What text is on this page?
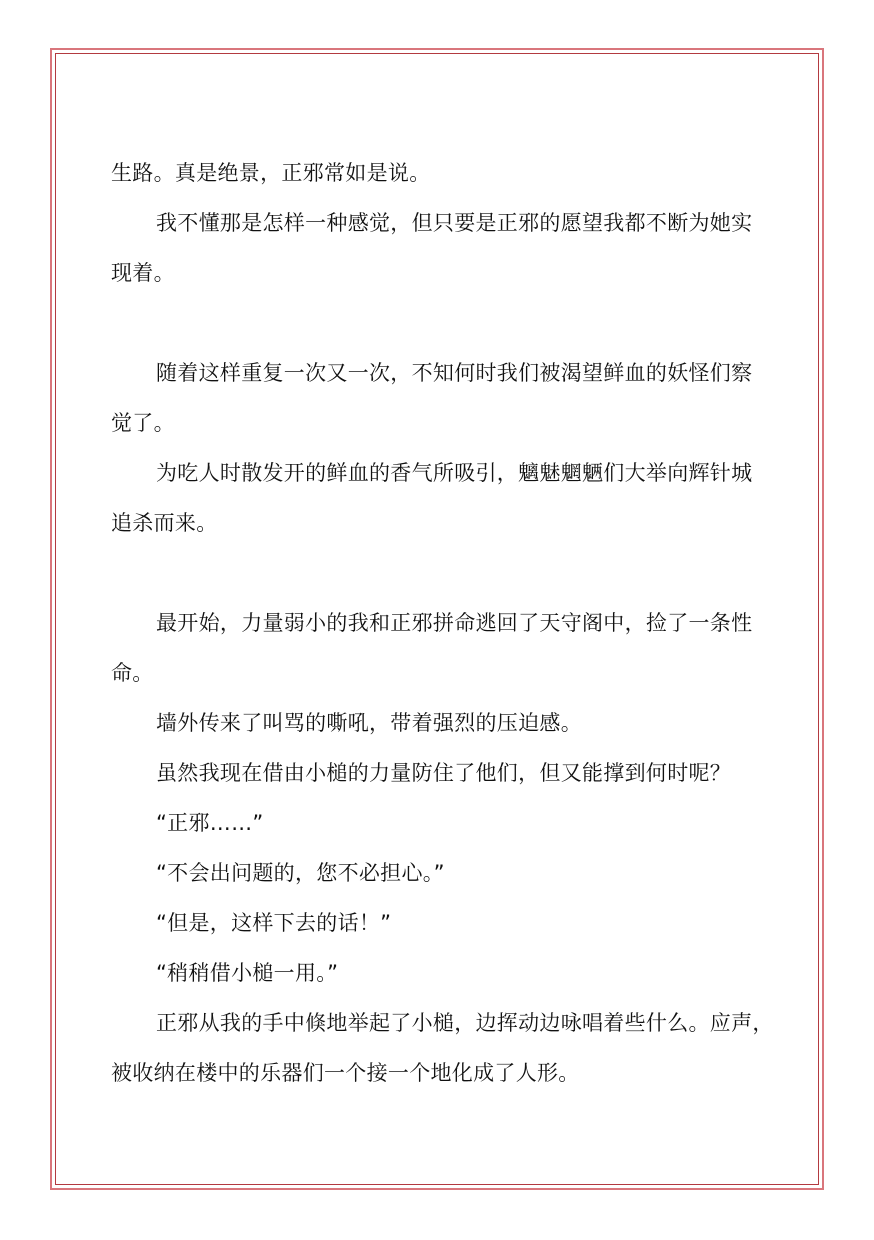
生路。真是绝景，正邪常如是说。

我不懂那是怎样一种感觉，但只要是正邪的愿望我都不断为她实

现着。

随着这样重复一次又一次，不知何时我们被渴望鲜血的妖怪们察

觉了。

为吃人时散发开的鲜血的香气所吸引，魑魅魍魉们大举向辉针城

追杀而来。

最开始，力量弱小的我和正邪拼命逃回了天守阁中，捡了一条性

命。

墙外传来了叫骂的嘶吼，带着强烈的压迫感。

虽然我现在借由小槌的力量防住了他们，但又能撑到何时呢？

“正邪……”

“不会出问题的，您不必担心。”

“但是，这样下去的话！”

“稍稍借小槌一用。”

正邪从我的手中倏地举起了小槌，边挥动边咏唱着些什么。应声，

被收纳在楼中的乐器们一个接一个地化成了人形。
